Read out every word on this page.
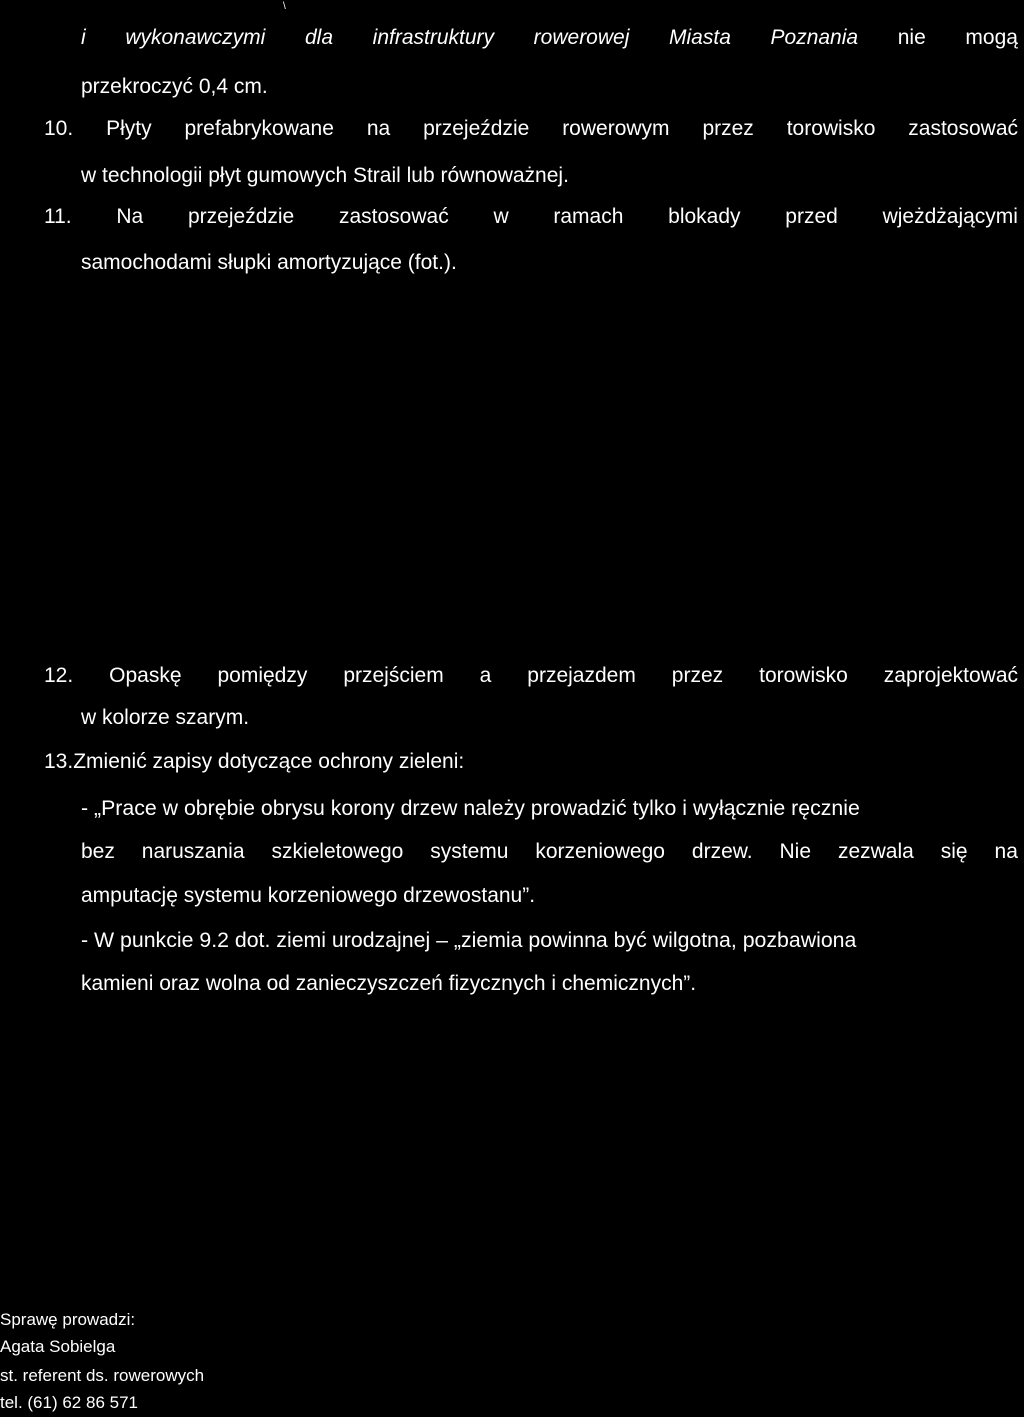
\
i wykonawczymi dla infrastruktury rowerowej Miasta Poznania nie mogą
przekroczyć 0,4 cm.
10. Płyty prefabrykowane na przejeździe rowerowym przez torowisko zastosować
w technologii płyt gumowych Strail lub równoważnej.
11. Na przejeździe zastosować w ramach blokady przed wjeżdżającymi
samochodami słupki amortyzujące (fot.).
12. Opaskę pomiędzy przejściem a przejazdem przez torowisko zaprojektować
w kolorze szarym.
13.Zmienić zapisy dotyczące ochrony zieleni:
- „Prace w obrębie obrysu korony drzew należy prowadzić tylko i wyłącznie ręcznie
bez naruszania szkieletowego systemu korzeniowego drzew. Nie zezwala się na
amputację systemu korzeniowego drzewostanu”.
- W punkcie 9.2 dot. ziemi urodzajnej – „ziemia powinna być wilgotna, pozbawiona
kamieni oraz wolna od zanieczyszczeń fizycznych i chemicznych”.
Sprawę prowadzi:
Agata Sobielga
st. referent ds. rowerowych
tel. (61) 62 86 571
